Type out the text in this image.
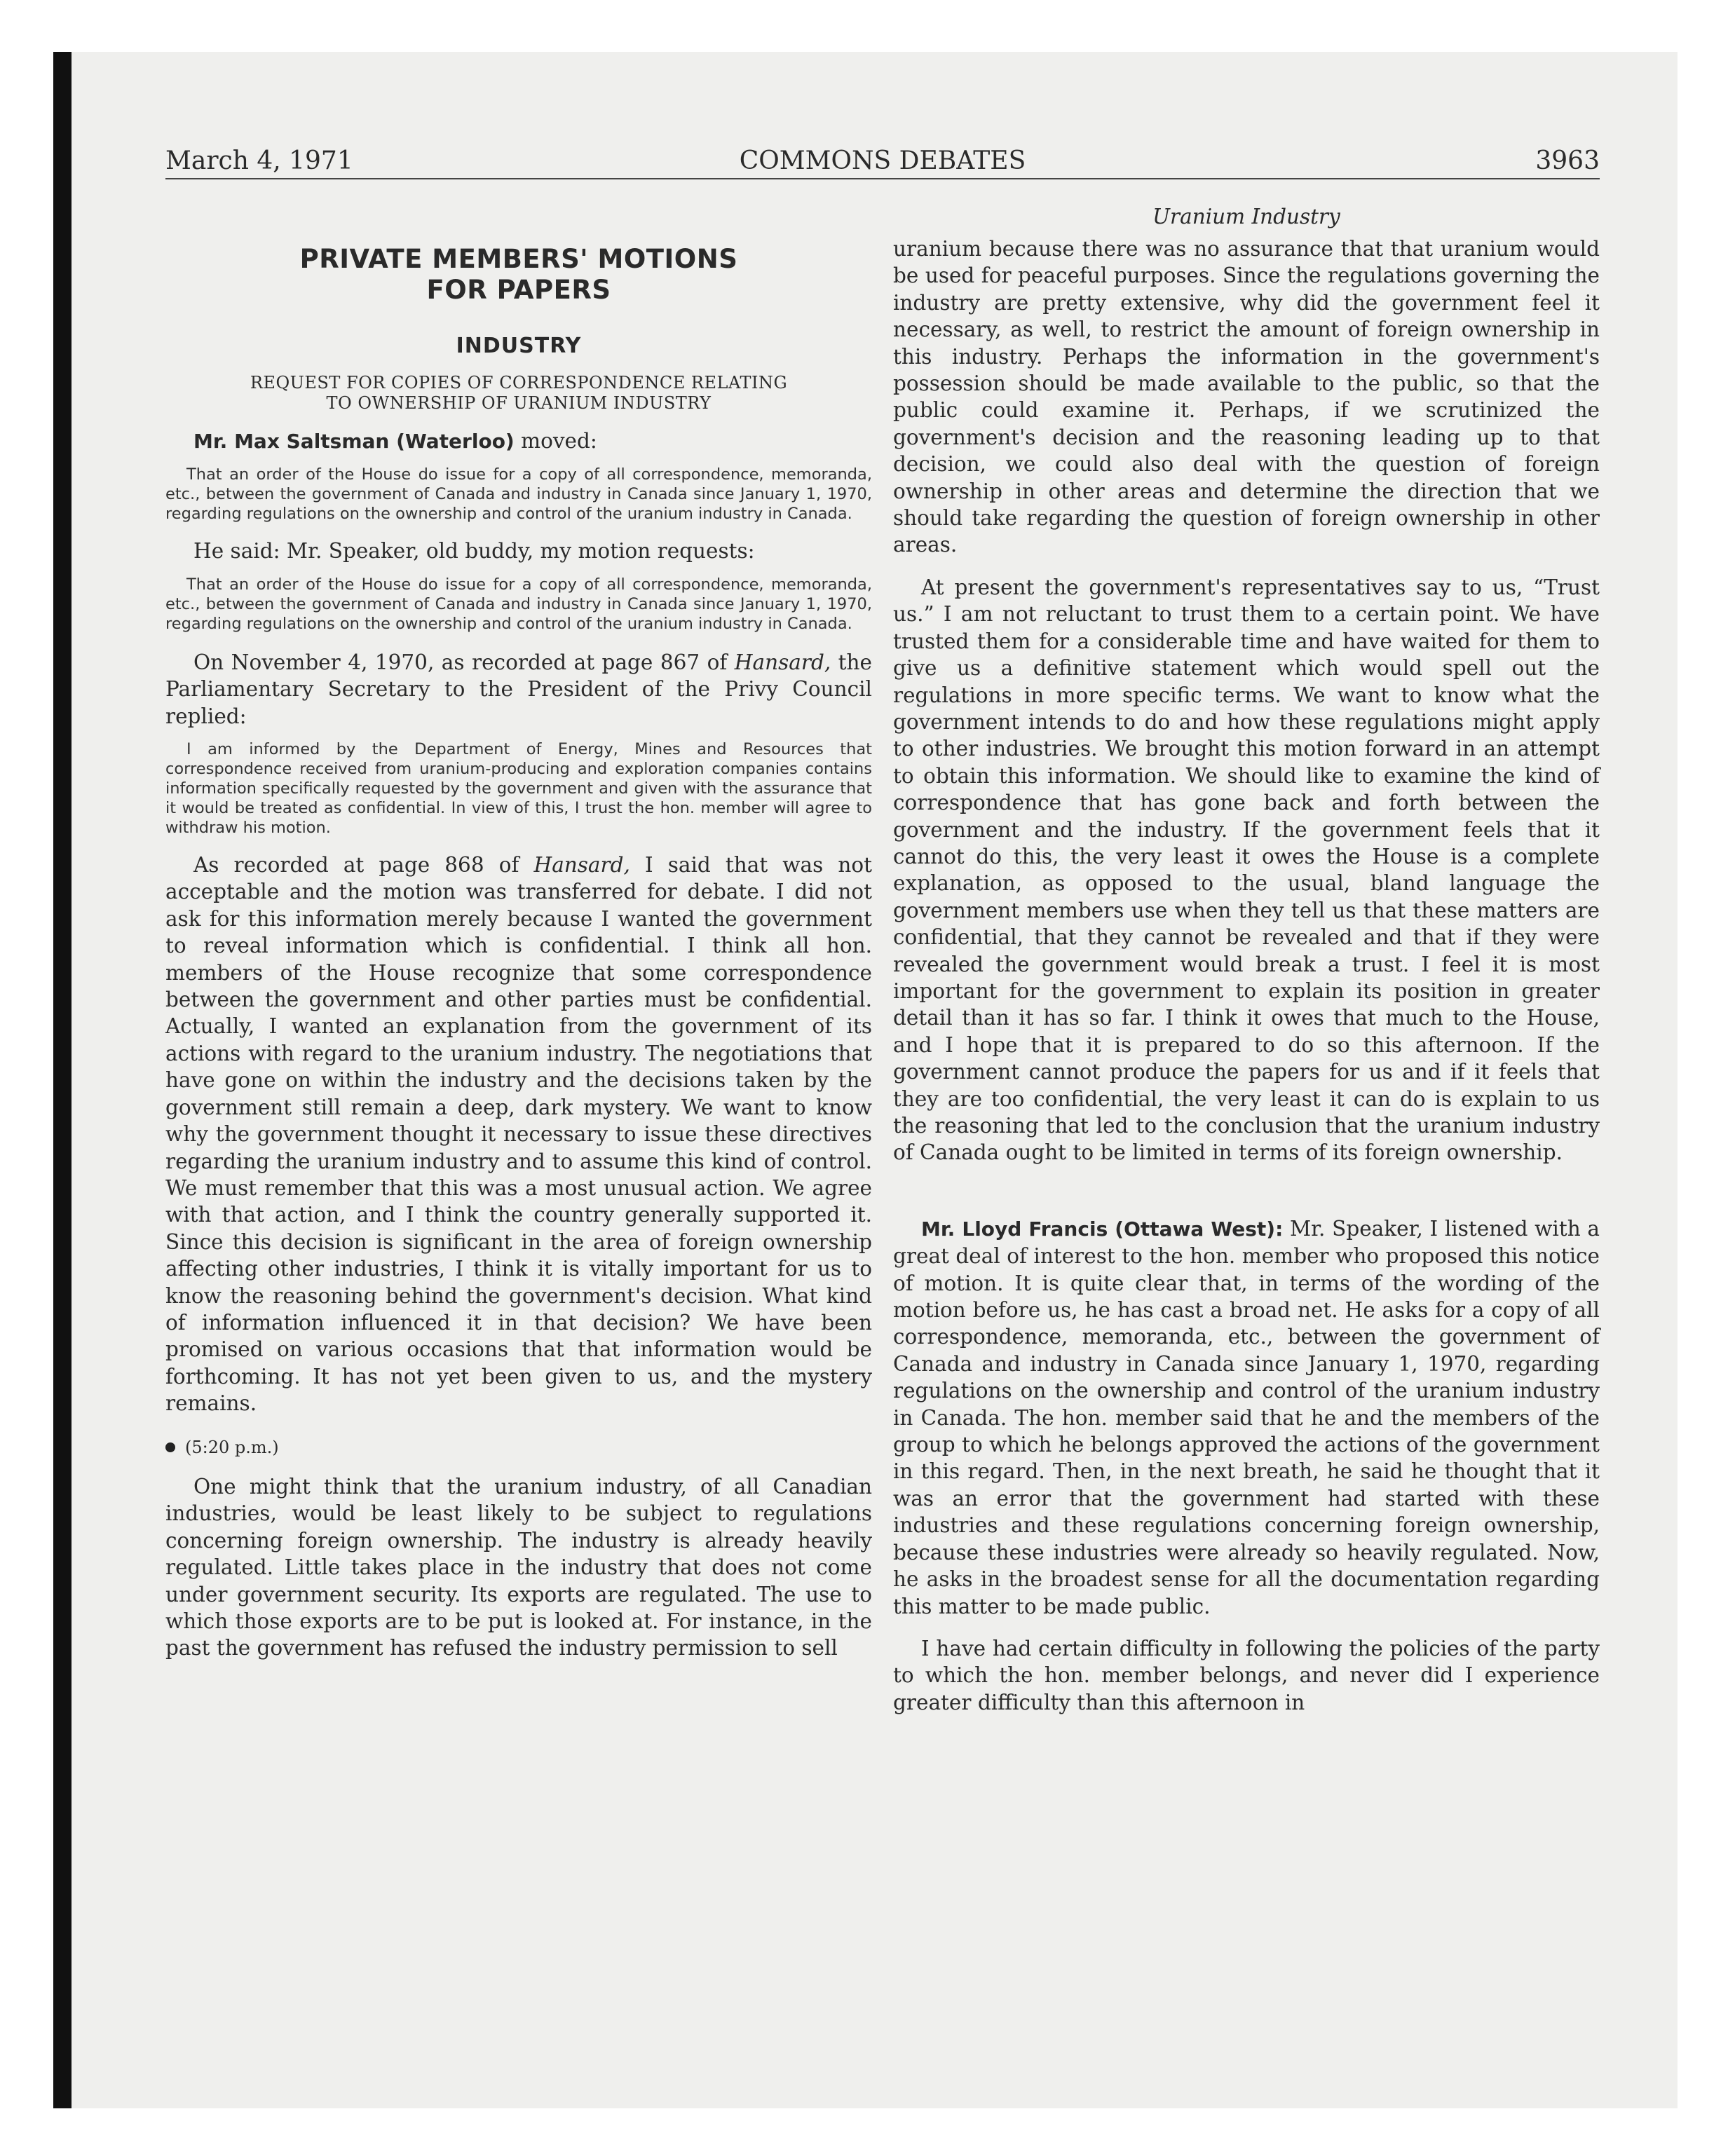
March 4, 1971	COMMONS DEBATES	3963
PRIVATE MEMBERS' MOTIONS
FOR PAPERS
INDUSTRY
REQUEST FOR COPIES OF CORRESPONDENCE RELATING
TO OWNERSHIP OF URANIUM INDUSTRY

Mr. Max Saltsman (Waterloo) moved:

That an order of the House do issue for a copy of all correspondence, memoranda, etc., between the government of Canada and industry in Canada since January 1, 1970, regarding regulations on the ownership and control of the uranium industry in Canada.

He said: Mr. Speaker, old buddy, my motion requests:

That an order of the House do issue for a copy of all correspondence, memoranda, etc., between the government of Canada and industry in Canada since January 1, 1970, regarding regulations on the ownership and control of the uranium industry in Canada.

On November 4, 1970, as recorded at page 867 of Hansard, the Parliamentary Secretary to the President of the Privy Council replied:

I am informed by the Department of Energy, Mines and Resources that correspondence received from uranium-producing and exploration companies contains information specifically requested by the government and given with the assurance that it would be treated as confidential. In view of this, I trust the hon. member will agree to withdraw his motion.

As recorded at page 868 of Hansard, I said that was not acceptable and the motion was transferred for debate. I did not ask for this information merely because I wanted the government to reveal information which is confidential. I think all hon. members of the House recognize that some correspondence between the government and other parties must be confidential. Actually, I wanted an explanation from the government of its actions with regard to the uranium industry. The negotiations that have gone on within the industry and the decisions taken by the government still remain a deep, dark mystery. We want to know why the government thought it necessary to issue these directives regarding the uranium industry and to assume this kind of control. We must remember that this was a most unusual action. We agree with that action, and I think the country generally supported it. Since this decision is significant in the area of foreign ownership affecting other industries, I think it is vitally important for us to know the reasoning behind the government's decision. What kind of information influenced it in that decision? We have been promised on various occasions that that information would be forthcoming. It has not yet been given to us, and the mystery remains.

(5:20 p.m.)

One might think that the uranium industry, of all Canadian industries, would be least likely to be subject to regulations concerning foreign ownership. The industry is already heavily regulated. Little takes place in the industry that does not come under government security. Its exports are regulated. The use to which those exports are to be put is looked at. For instance, in the past the government has refused the industry permission to sell

Uranium Industry

uranium because there was no assurance that that uranium would be used for peaceful purposes. Since the regulations governing the industry are pretty extensive, why did the government feel it necessary, as well, to restrict the amount of foreign ownership in this industry. Perhaps the information in the government's possession should be made available to the public, so that the public could examine it. Perhaps, if we scrutinized the government's decision and the reasoning leading up to that decision, we could also deal with the question of foreign ownership in other areas and determine the direction that we should take regarding the question of foreign ownership in other areas.

At present the government's representatives say to us, “Trust us.” I am not reluctant to trust them to a certain point. We have trusted them for a considerable time and have waited for them to give us a definitive statement which would spell out the regulations in more specific terms. We want to know what the government intends to do and how these regulations might apply to other industries. We brought this motion forward in an attempt to obtain this information. We should like to examine the kind of correspondence that has gone back and forth between the government and the industry. If the government feels that it cannot do this, the very least it owes the House is a complete explanation, as opposed to the usual, bland language the government members use when they tell us that these matters are confidential, that they cannot be revealed and that if they were revealed the government would break a trust. I feel it is most important for the government to explain its position in greater detail than it has so far. I think it owes that much to the House, and I hope that it is prepared to do so this afternoon. If the government cannot produce the papers for us and if it feels that they are too confidential, the very least it can do is explain to us the reasoning that led to the conclusion that the uranium industry of Canada ought to be limited in terms of its foreign ownership.

Mr. Lloyd Francis (Ottawa West): Mr. Speaker, I listened with a great deal of interest to the hon. member who proposed this notice of motion. It is quite clear that, in terms of the wording of the motion before us, he has cast a broad net. He asks for a copy of all correspondence, memoranda, etc., between the government of Canada and industry in Canada since January 1, 1970, regarding regulations on the ownership and control of the uranium industry in Canada. The hon. member said that he and the members of the group to which he belongs approved the actions of the government in this regard. Then, in the next breath, he said he thought that it was an error that the government had started with these industries and these regulations concerning foreign ownership, because these industries were already so heavily regulated. Now, he asks in the broadest sense for all the documentation regarding this matter to be made public.

I have had certain difficulty in following the policies of the party to which the hon. member belongs, and never did I experience greater difficulty than this afternoon in
